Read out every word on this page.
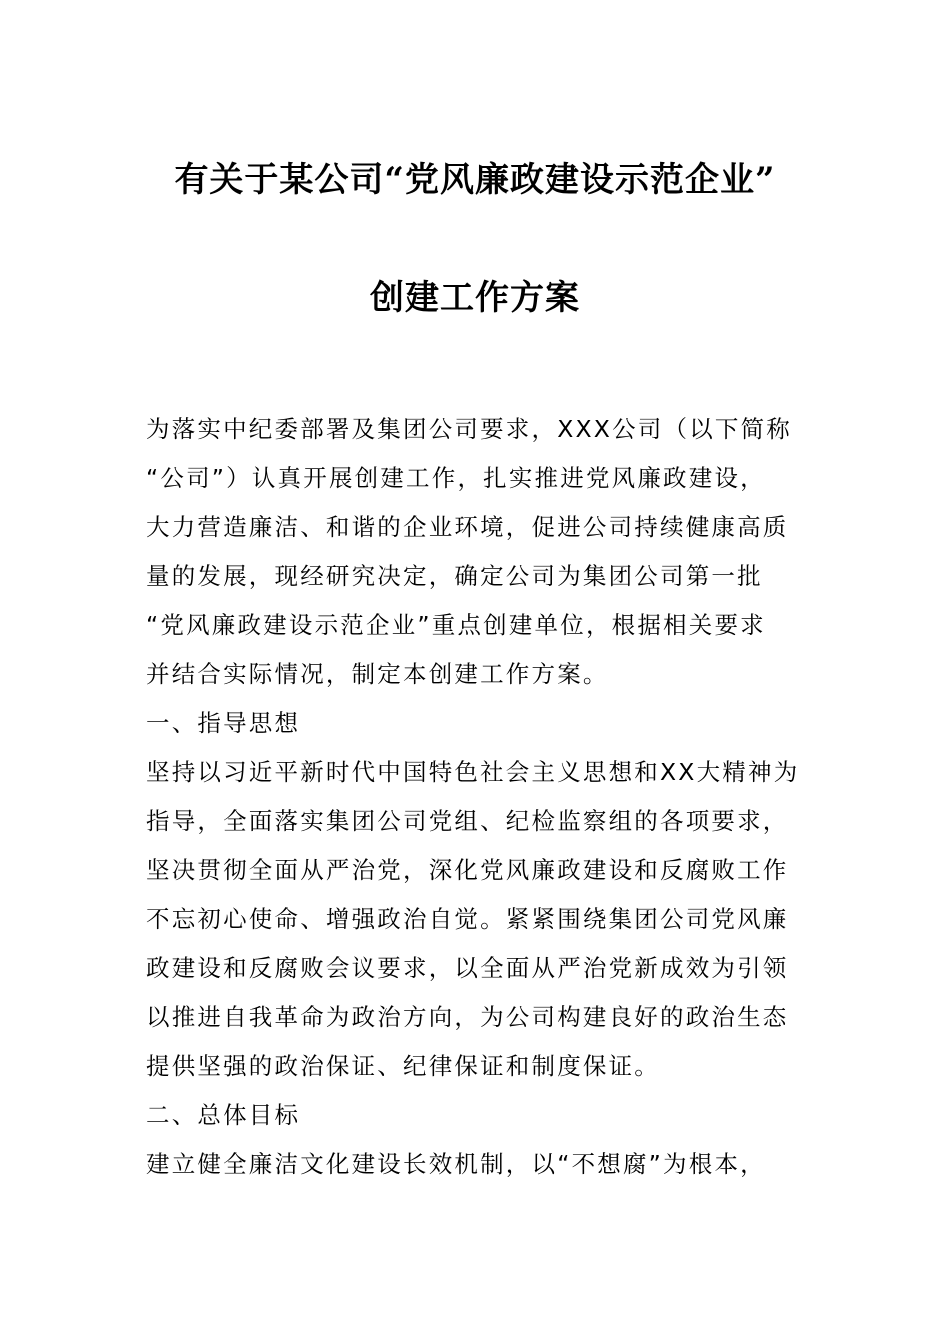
有关于某公司“党风廉政建设示范企业”
创建工作方案
为落实中纪委部署及集团公司要求，XXX公司（以下简称
“公司”）认真开展创建工作，扎实推进党风廉政建设，
大力营造廉洁、和谐的企业环境，促进公司持续健康高质
量的发展，现经研究决定，确定公司为集团公司第一批
“党风廉政建设示范企业”重点创建单位，根据相关要求
并结合实际情况，制定本创建工作方案。
一、指导思想
坚持以习近平新时代中国特色社会主义思想和XX大精神为
指导，全面落实集团公司党组、纪检监察组的各项要求，
坚决贯彻全面从严治党，深化党风廉政建设和反腐败工作
不忘初心使命、增强政治自觉。紧紧围绕集团公司党风廉
政建设和反腐败会议要求，以全面从严治党新成效为引领
以推进自我革命为政治方向，为公司构建良好的政治生态
提供坚强的政治保证、纪律保证和制度保证。
二、总体目标
建立健全廉洁文化建设长效机制，以“不想腐”为根本，
